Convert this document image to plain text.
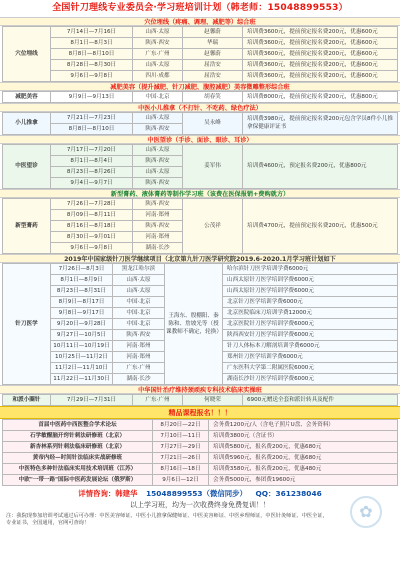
全国针刀理线专业委员会·学习班培训计划（韩老师：15048899553）
穴位埋线（疼痛、调理、减肥等）综合班
穴位埋线	7月14日—7月16日	山西·太原	赵馨蔚	培训费3600元，提前预定报名费200元，优惠600元
	8月1日—8月3日	陕西·西安	华瑞	培训费3600元，提前预定报名费200元，优惠600元
	8月8日—8月10日	广东·广州	赵馨蔚	培训费3600元，提前预定报名费200元，优惠600元
	8月28日—8月30日	山西·太原	屈浩安	培训费3600元，提前预定报名费200元，优惠600元
	9月6日—9月8日	四川·成都	屈浩安	培训费3600元，提前预定报名费200元，优惠600元
减肥美容（提升減肥、针刀减肥、腹腔减肥）美容微雕整形综合班
减肥美容	9月9日—9月13日	中国·北京	胡春笑	培训费8000元，提前预定报名费200元，优惠800元
中医小儿推拿（不打针、不吃药、绿色疗法）
小儿推拿	7月21日—7月23日	山西·太原	吴永峰	培训费3980元，提前预定报名费200元包含学员8件小儿推拿保健康评证书
	8月8日—8月10日	陕西·西安		
中医望诊（手诊、面诊、眼诊、耳诊）
中医望诊	7月17日—7月20日	山西·太原	姜军伟	培训费4600元，预定报名费200元，优惠800元
	8月1日—8月4日	陕西·西安		
	8月23日—8月26日	山西·太原		
	9月4日—9月7日	陕西·西安		
新型膏药、液体膏药等制作学习班（该费在医保报销+费购就方）
新型膏药	7月26日—7月28日	陕西·西安	公茂祥	培训费4700元，提前预定报名费200元，优惠500元
	8月09日—8月11日	河南·郑州		
	8月16日—8月18日	陕西·西安		
	8月30日—9月01日	河南·郑州		
	9月6日—9月8日	湖南·长沙		
2019年中国家级针刀医学继续项目（北京第九针刀医学研究院2019.6-2020.1月学习班计划如下
针刀医学	7月26日—8月3日	黑龙江哈尔滨	王海东、殷棚阳、秦陈和、詹坡光等（授课教师不确定，轮换）	哈尔滨针刀医学培训学费6000元
	8月1日—8月9日	山西·太原		山西太原针刀医学培训学费6000元
	8月23日—8月31日	山西·太原		山西太原针刀医学培训学费6000元
	8月9日—8月17日	中国·北京		北京针刀医学培训学费6000元
	9月8日—9月17日	中国·北京		北京医院临床刀培训学费12000元
	9月20日—9月28日	中国·北京		北京医院针刀医学培训学费6000元
	9月27日—10月5日	陕西·西安		陕西西安针刀医学培训学费6000元
	10月11日—10月19日	河南·郑州		针刀人体标本刀解剖培训学费6000元
	10月25日—11月2日	河南·郑州		郑州针刀医学培训学费6000元
	11月2日—11月10日	广东·广州		广东医科大学第二附属医院6000元
	11月22日—11月30日	湖南·长沙		湖南长沙针刀医学培训学费6000元
中华国针治疗维持颈顽疾专科技术临床实操班
和派小圈针	7月29日—7月31日	广东·广州	何晓荣	6900元赠送全套和派针转具及配件
精品课程报名！！！
首届中医药中西医整合学术论坛	8月20日—22日	会务费1200元/人（含电子照片U盘、会务资料）
石学敏醒脑开窍针刺法研修班（北京）	7月10日—11日	培训费3800元（含证书）
新杏林系列针刺法临床研修班（北京）	7月27日—29日	培训费5800元，报名费200元，优惠680元
黄帝内经—时间针法临床实战研修班	7月21日—26日	培训费5960元，报名费200元，优惠680元
中医特色多种针法临床实用技术培训班（江苏）	8月16日—18日	培训费3580元，报名费200元，优惠480元
中欧"一带一路"国际中医药发展论坛（俄罗斯）	9月6日—12日	会务费5000元，参团费19600元
详情咨询：韩建华 15048899553（微信同步） QQ：361238046
以上学习班，均为一次收费终身免费复训！！
注：我院现参加培训考试通过后可办理：中医美容师证、中医小儿推拿保健师证、中医美容师证、中医乡理师证，中医针灸师证、中医全证，
专业证书，全国通用，官网可查询！
✿
